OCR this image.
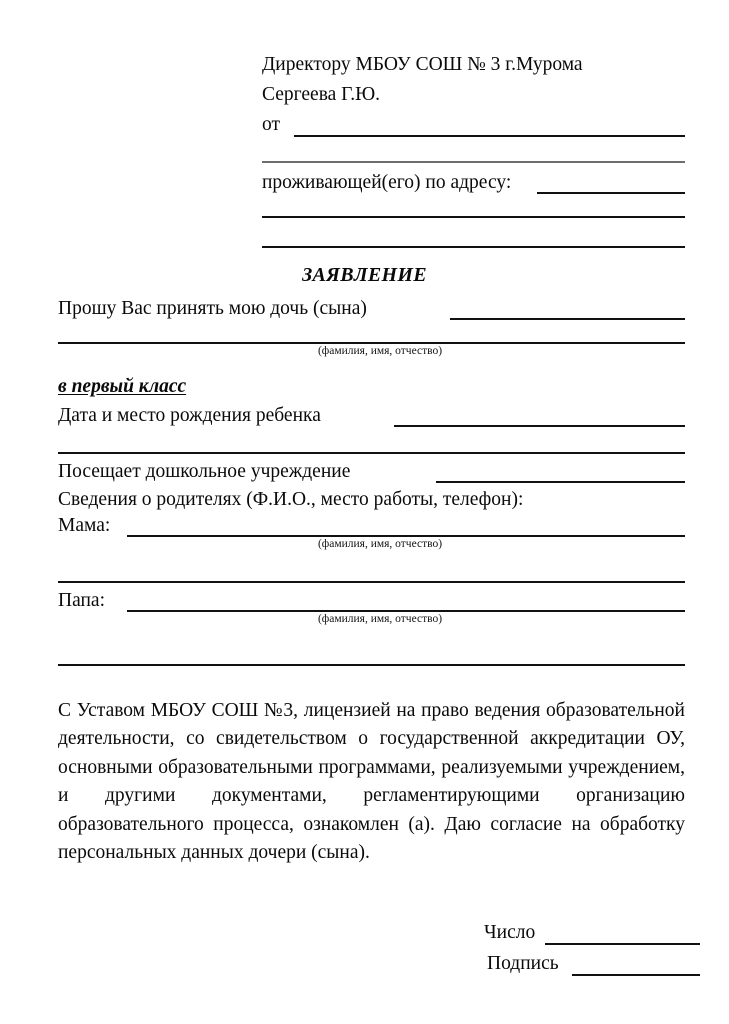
Директору МБОУ СОШ № 3 г.Мурома
Сергеева Г.Ю.
от
проживающей(его) по адресу:
ЗАЯВЛЕНИЕ
Прошу Вас принять мою дочь (сына)
(фамилия, имя, отчество)
в первый класс
Дата и место рождения ребенка
Посещает дошкольное учреждение
Сведения о родителях (Ф.И.О., место работы, телефон):
Мама:
(фамилия, имя, отчество)
Папа:
(фамилия, имя, отчество)
С Уставом МБОУ СОШ №3, лицензией на право ведения образовательной деятельности, со свидетельством о государственной аккредитации ОУ, основными образовательными программами, реализуемыми учреждением, и другими документами, регламентирующими организацию образовательного процесса, ознакомлен (а). Даю согласие на обработку персональных данных дочери (сына).
Число
Подпись
